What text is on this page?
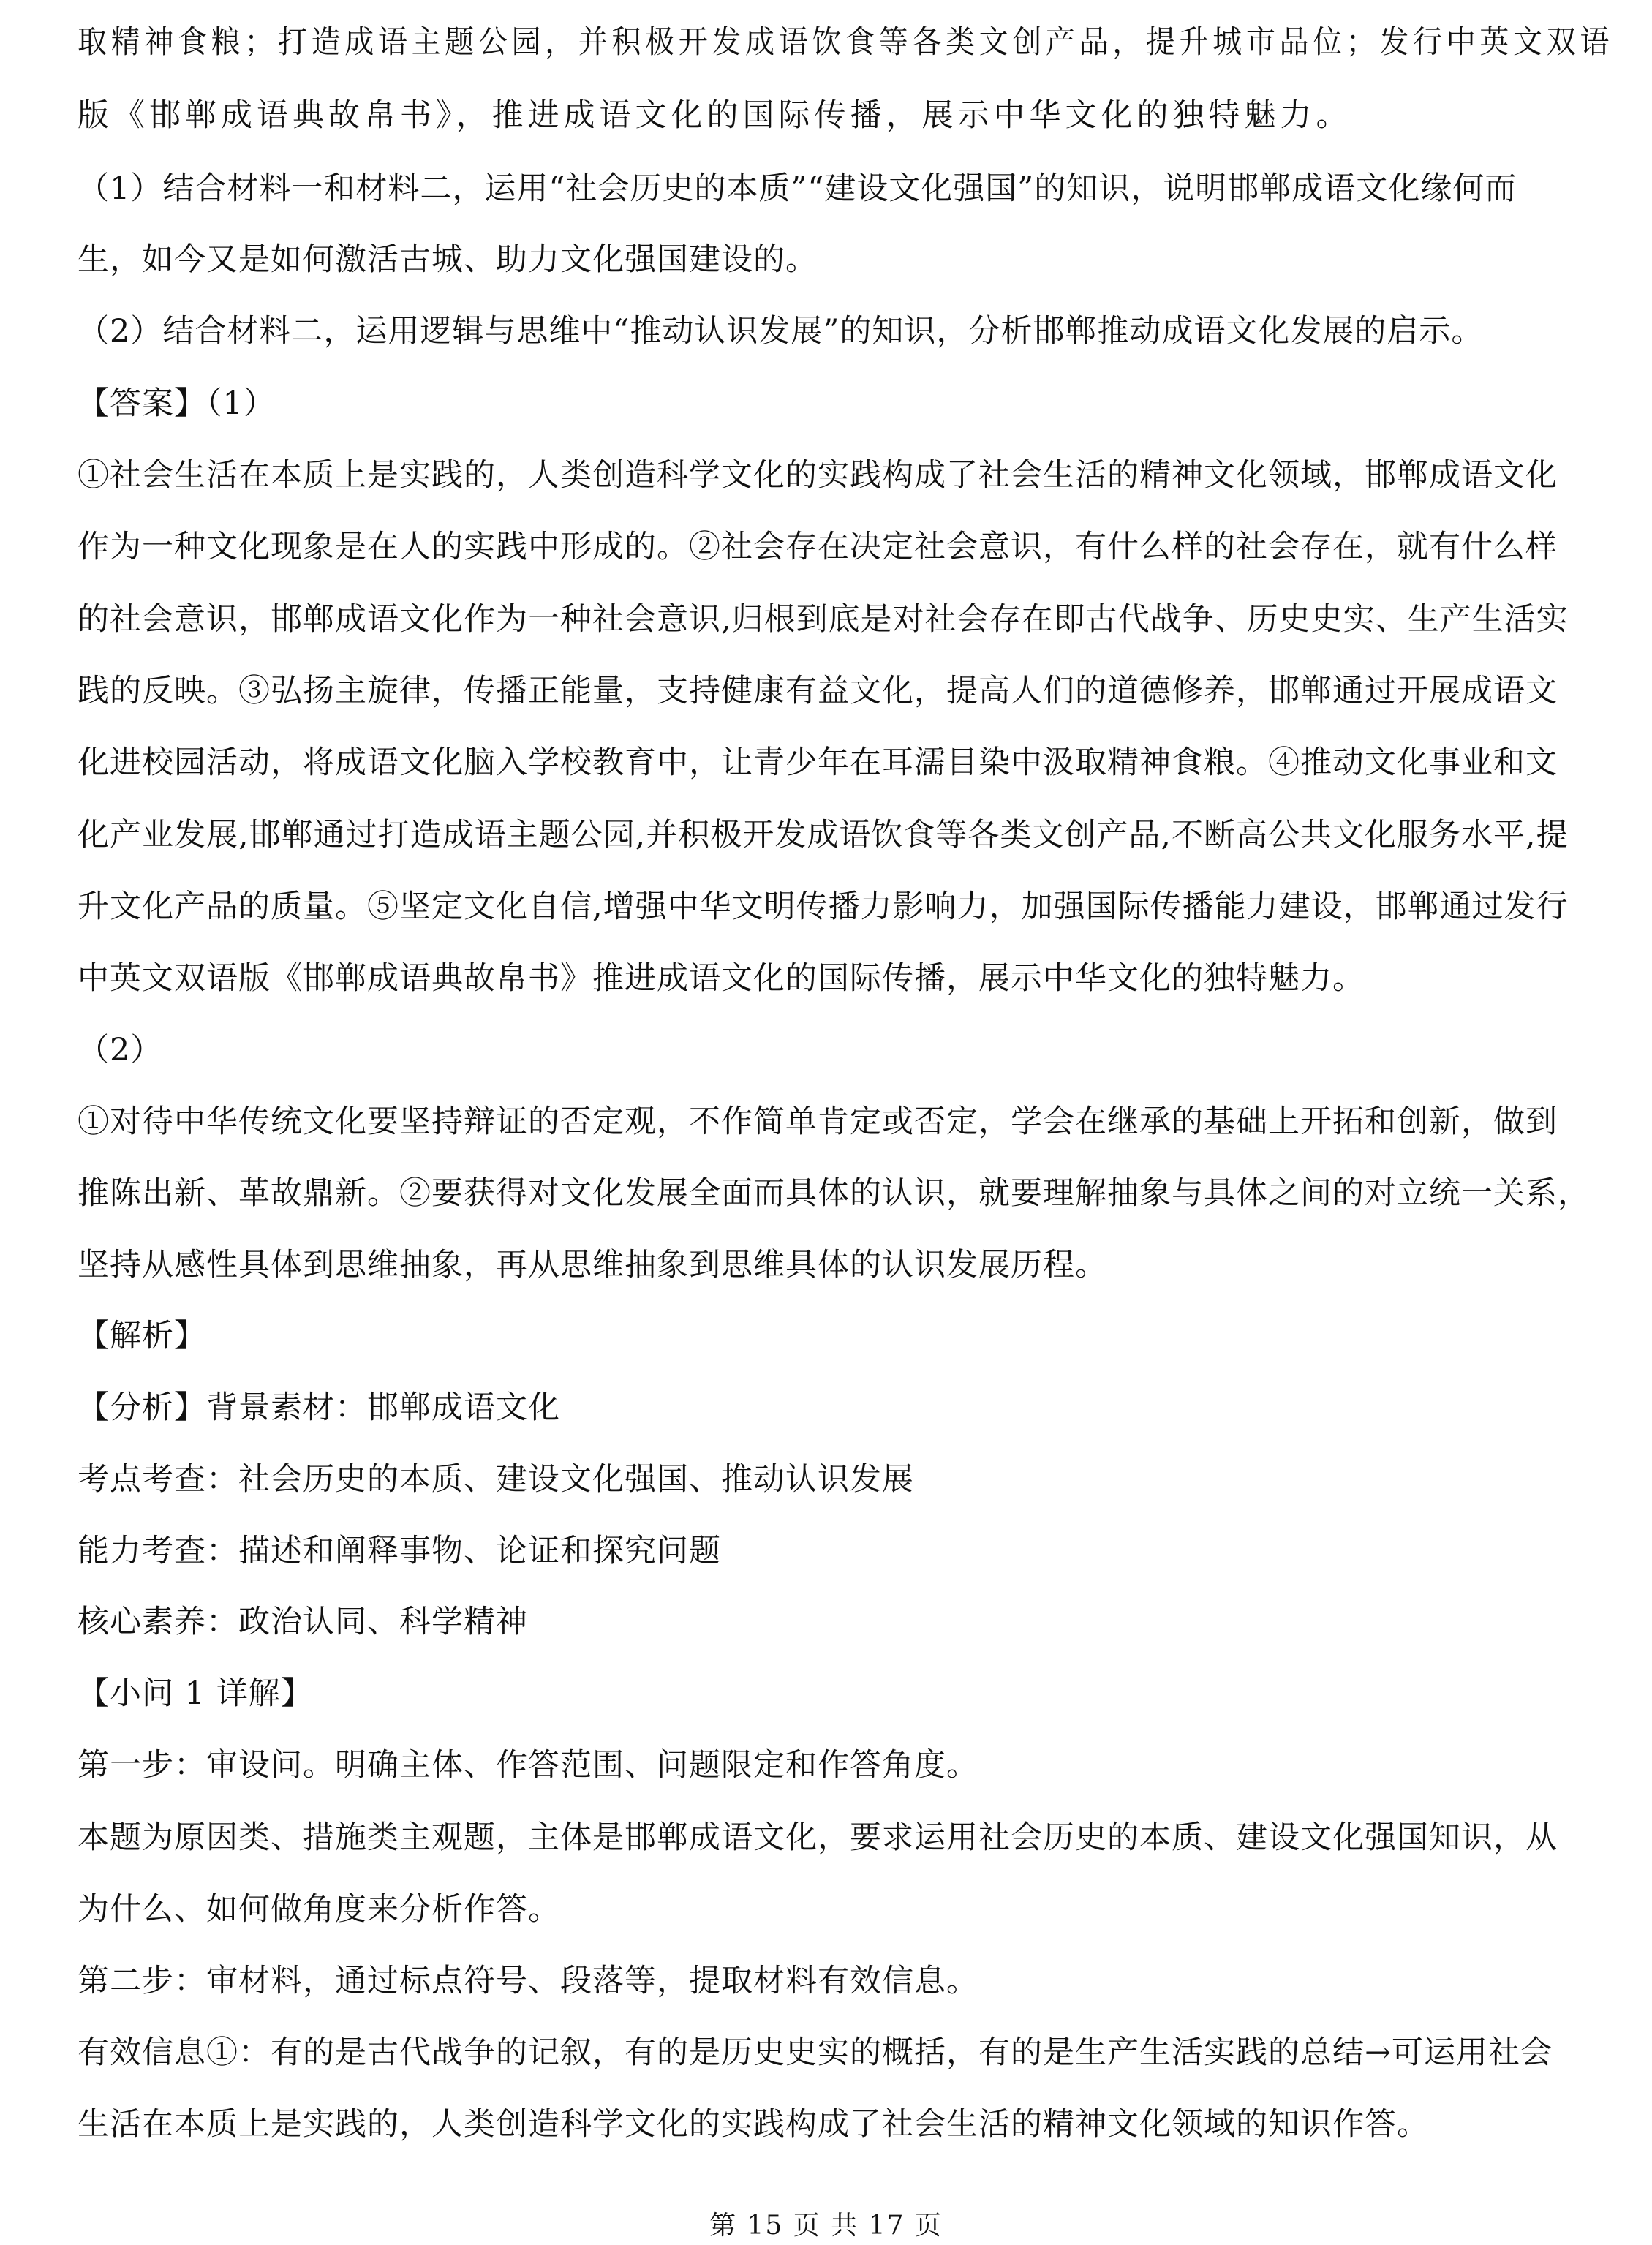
取精神食粮；打造成语主题公园，并积极开发成语饮食等各类文创产品，提升城市品位；发行中英文双语
版《邯郸成语典故帛书》，推进成语文化的国际传播，展示中华文化的独特魅力。
（1）结合材料一和材料二，运用“社会历史的本质”“建设文化强国”的知识，说明邯郸成语文化缘何而
生，如今又是如何激活古城、助力文化强国建设的。
（2）结合材料二，运用逻辑与思维中“推动认识发展”的知识，分析邯郸推动成语文化发展的启示。
【答案】（1）
①社会生活在本质上是实践的，人类创造科学文化的实践构成了社会生活的精神文化领域，邯郸成语文化
作为一种文化现象是在人的实践中形成的。②社会存在决定社会意识，有什么样的社会存在，就有什么样
的社会意识，邯郸成语文化作为一种社会意识,归根到底是对社会存在即古代战争、历史史实、生产生活实
践的反映。③弘扬主旋律，传播正能量，支持健康有益文化，提高人们的道德修养，邯郸通过开展成语文
化进校园活动，将成语文化脑入学校教育中，让青少年在耳濡目染中汲取精神食粮。④推动文化事业和文
化产业发展,邯郸通过打造成语主题公园,并积极开发成语饮食等各类文创产品,不断高公共文化服务水平,提
升文化产品的质量。⑤坚定文化自信,增强中华文明传播力影响力，加强国际传播能力建设，邯郸通过发行
中英文双语版《邯郸成语典故帛书》推进成语文化的国际传播，展示中华文化的独特魅力。
（2）
①对待中华传统文化要坚持辩证的否定观，不作简单肯定或否定，学会在继承的基础上开拓和创新，做到
推陈出新、革故鼎新。②要获得对文化发展全面而具体的认识，就要理解抽象与具体之间的对立统一关系，
坚持从感性具体到思维抽象，再从思维抽象到思维具体的认识发展历程。
【解析】
【分析】背景素材：邯郸成语文化
考点考查：社会历史的本质、建设文化强国、推动认识发展
能力考查：描述和阐释事物、论证和探究问题
核心素养：政治认同、科学精神
【小问 1 详解】
第一步：审设问。明确主体、作答范围、问题限定和作答角度。
本题为原因类、措施类主观题，主体是邯郸成语文化，要求运用社会历史的本质、建设文化强国知识，从
为什么、如何做角度来分析作答。
第二步：审材料，通过标点符号、段落等，提取材料有效信息。
有效信息①：有的是古代战争的记叙，有的是历史史实的概括，有的是生产生活实践的总结→可运用社会
生活在本质上是实践的，人类创造科学文化的实践构成了社会生活的精神文化领域的知识作答。
第 15 页 共 17 页
